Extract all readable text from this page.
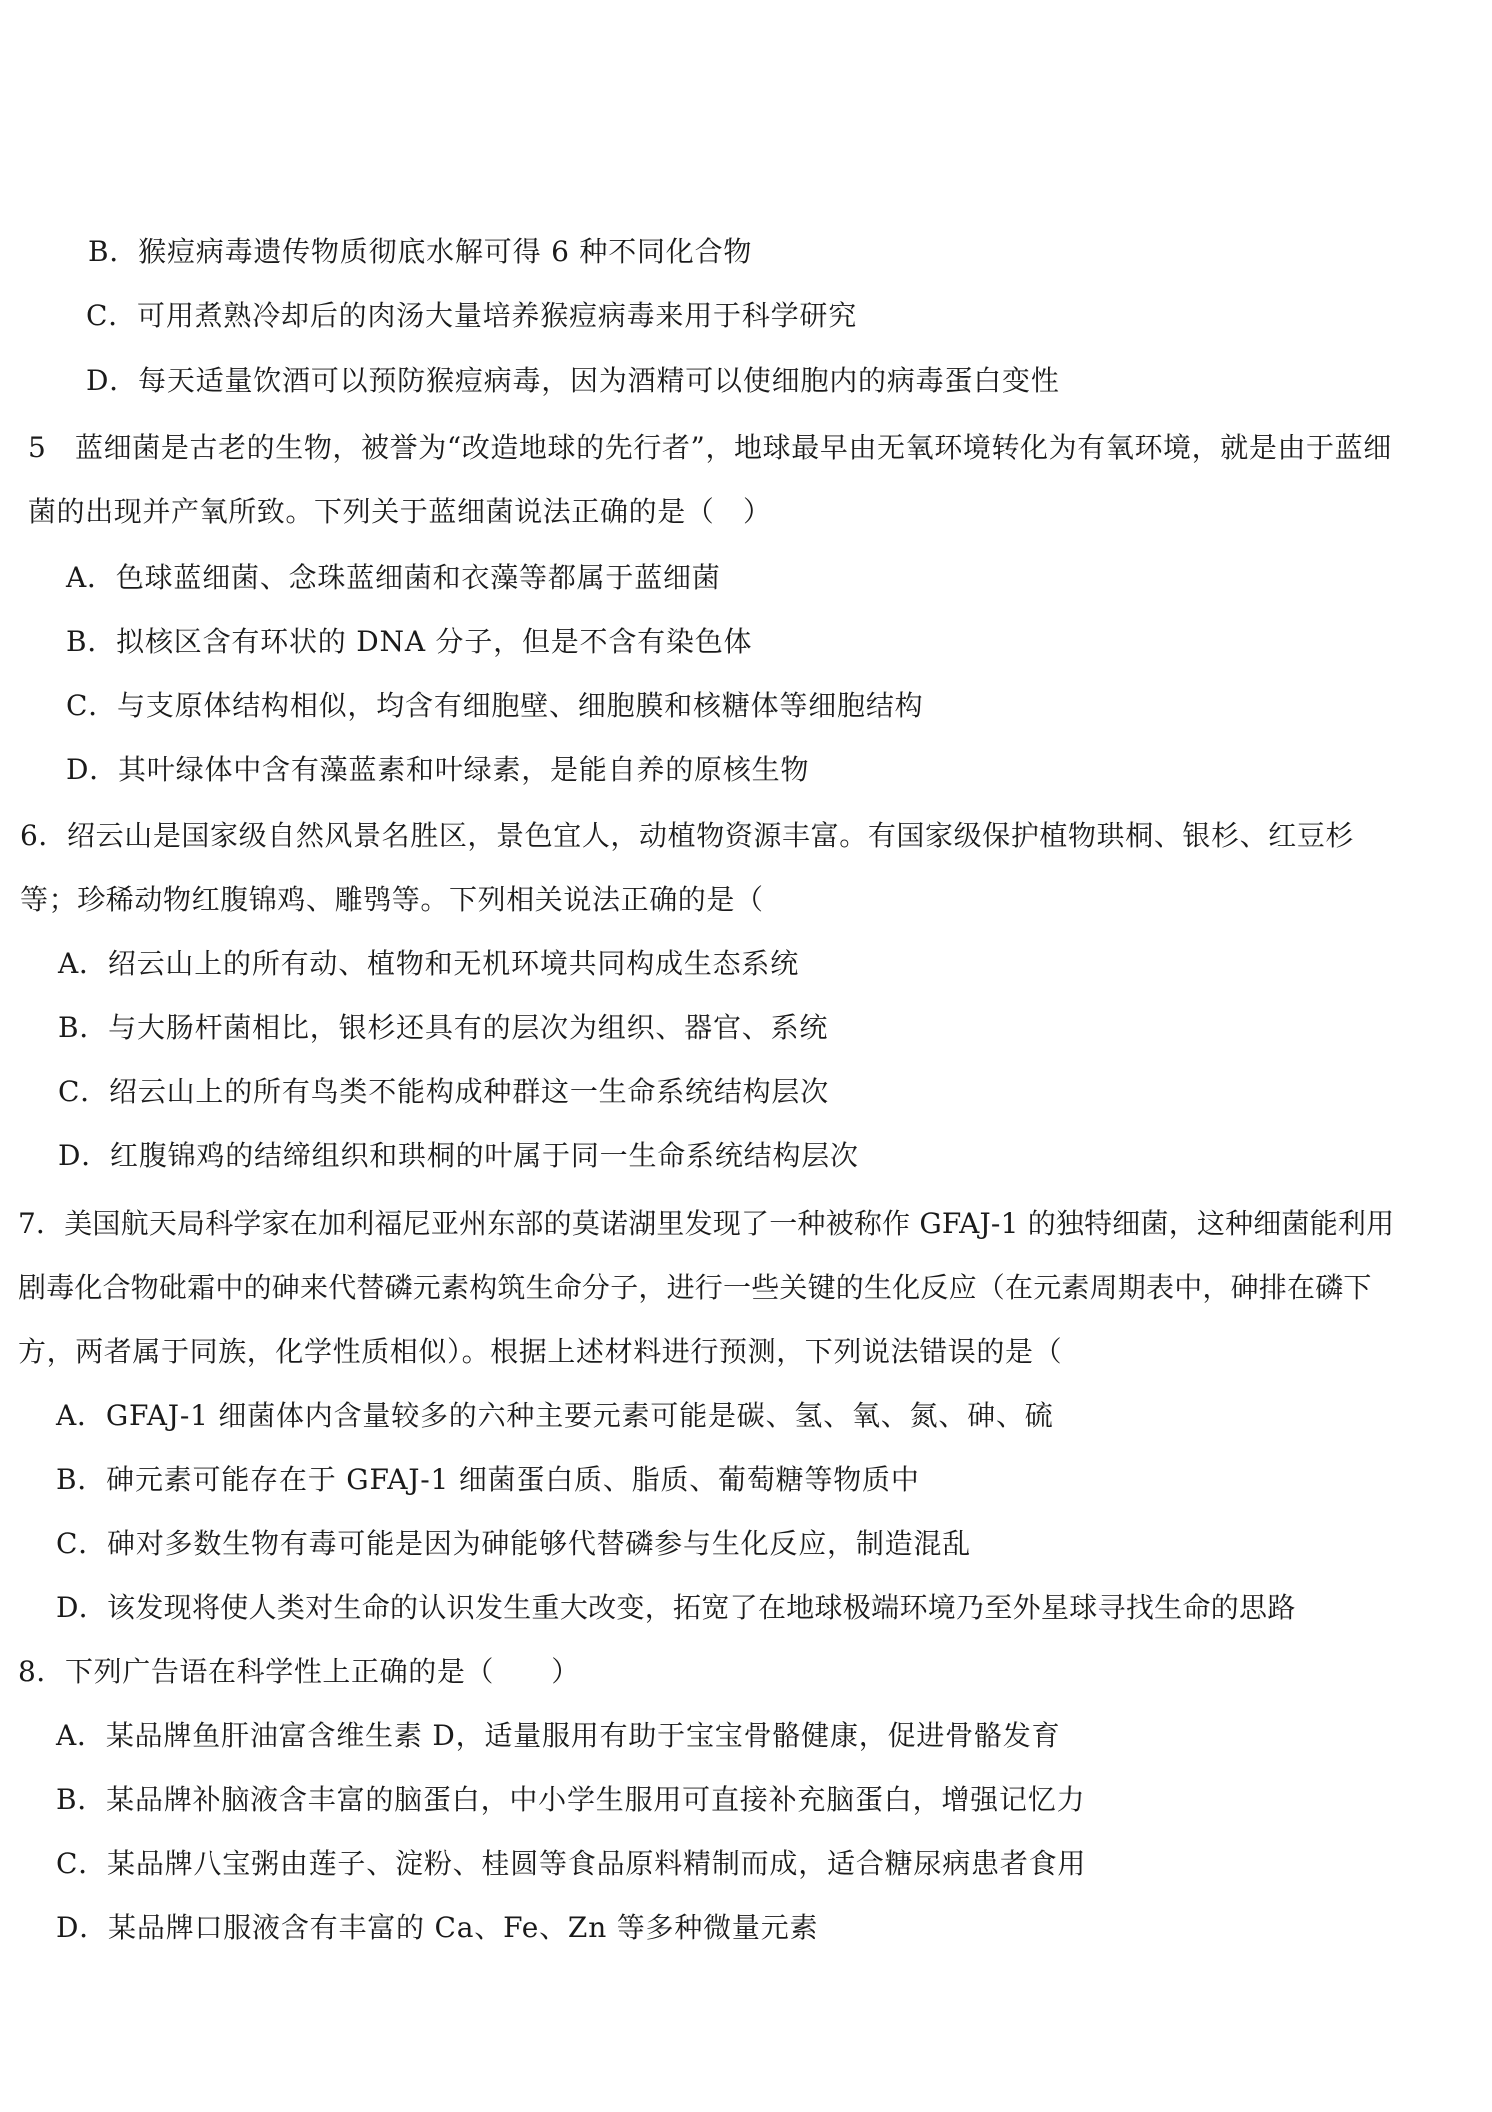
B．猴痘病毒遗传物质彻底水解可得 6 种不同化合物
C．可用煮熟冷却后的肉汤大量培养猴痘病毒来用于科学研究
D．每天适量饮酒可以预防猴痘病毒，因为酒精可以使细胞内的病毒蛋白变性
5　蓝细菌是古老的生物，被誉为“改造地球的先行者”，地球最早由无氧环境转化为有氧环境，就是由于蓝细
菌的出现并产氧所致。下列关于蓝细菌说法正确的是（　）
A．色球蓝细菌、念珠蓝细菌和衣藻等都属于蓝细菌
B．拟核区含有环状的 DNA 分子，但是不含有染色体
C．与支原体结构相似，均含有细胞壁、细胞膜和核糖体等细胞结构
D．其叶绿体中含有藻蓝素和叶绿素，是能自养的原核生物
6．绍云山是国家级自然风景名胜区，景色宜人，动植物资源丰富。有国家级保护植物珙桐、银杉、红豆杉
等；珍稀动物红腹锦鸡、雕鸮等。下列相关说法正确的是（
A．绍云山上的所有动、植物和无机环境共同构成生态系统
B．与大肠杆菌相比，银杉还具有的层次为组织、器官、系统
C．绍云山上的所有鸟类不能构成种群这一生命系统结构层次
D．红腹锦鸡的结缔组织和珙桐的叶属于同一生命系统结构层次
7．美国航天局科学家在加利福尼亚州东部的莫诺湖里发现了一种被称作 GFAJ-1 的独特细菌，这种细菌能利用
剧毒化合物砒霜中的砷来代替磷元素构筑生命分子，进行一些关键的生化反应（在元素周期表中，砷排在磷下
方，两者属于同族，化学性质相似）。根据上述材料进行预测，下列说法错误的是（
A．GFAJ-1 细菌体内含量较多的六种主要元素可能是碳、氢、氧、氮、砷、硫
B．砷元素可能存在于 GFAJ-1 细菌蛋白质、脂质、葡萄糖等物质中
C．砷对多数生物有毒可能是因为砷能够代替磷参与生化反应，制造混乱
D．该发现将使人类对生命的认识发生重大改变，拓宽了在地球极端环境乃至外星球寻找生命的思路
8．下列广告语在科学性上正确的是（　　）
A．某品牌鱼肝油富含维生素 D，适量服用有助于宝宝骨骼健康，促进骨骼发育
B．某品牌补脑液含丰富的脑蛋白，中小学生服用可直接补充脑蛋白，增强记忆力
C．某品牌八宝粥由莲子、淀粉、桂圆等食品原料精制而成，适合糖尿病患者食用
D．某品牌口服液含有丰富的 Ca、Fe、Zn 等多种微量元素
